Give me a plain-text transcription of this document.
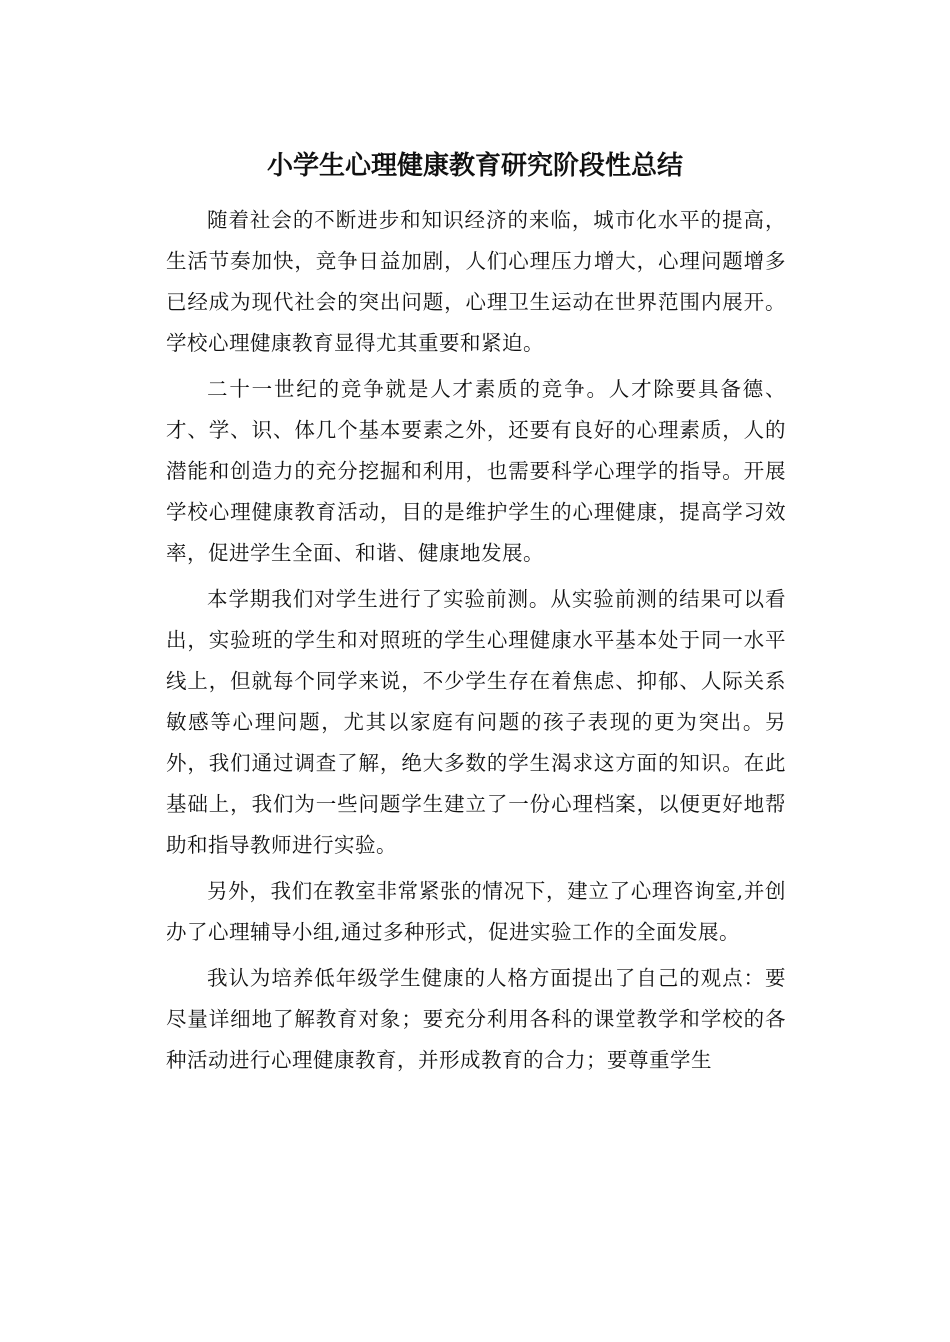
小学生心理健康教育研究阶段性总结

随着社会的不断进步和知识经济的来临，城市化水平的提高，生活节奏加快，竞争日益加剧，人们心理压力增大，心理问题增多已经成为现代社会的突出问题，心理卫生运动在世界范围内展开。学校心理健康教育显得尤其重要和紧迫。

二十一世纪的竞争就是人才素质的竞争。人才除要具备德、才、学、识、体几个基本要素之外，还要有良好的心理素质，人的潜能和创造力的充分挖掘和利用，也需要科学心理学的指导。开展学校心理健康教育活动，目的是维护学生的心理健康，提高学习效率，促进学生全面、和谐、健康地发展。

本学期我们对学生进行了实验前测。从实验前测的结果可以看出，实验班的学生和对照班的学生心理健康水平基本处于同一水平线上，但就每个同学来说，不少学生存在着焦虑、抑郁、人际关系敏感等心理问题，尤其以家庭有问题的孩子表现的更为突出。另外，我们通过调查了解，绝大多数的学生渴求这方面的知识。在此基础上，我们为一些问题学生建立了一份心理档案，以便更好地帮助和指导教师进行实验。

另外，我们在教室非常紧张的情况下，建立了心理咨询室,并创办了心理辅导小组,通过多种形式，促进实验工作的全面发展。

我认为培养低年级学生健康的人格方面提出了自己的观点：要尽量详细地了解教育对象；要充分利用各科的课堂教学和学校的各种活动进行心理健康教育，并形成教育的合力；要尊重学生
